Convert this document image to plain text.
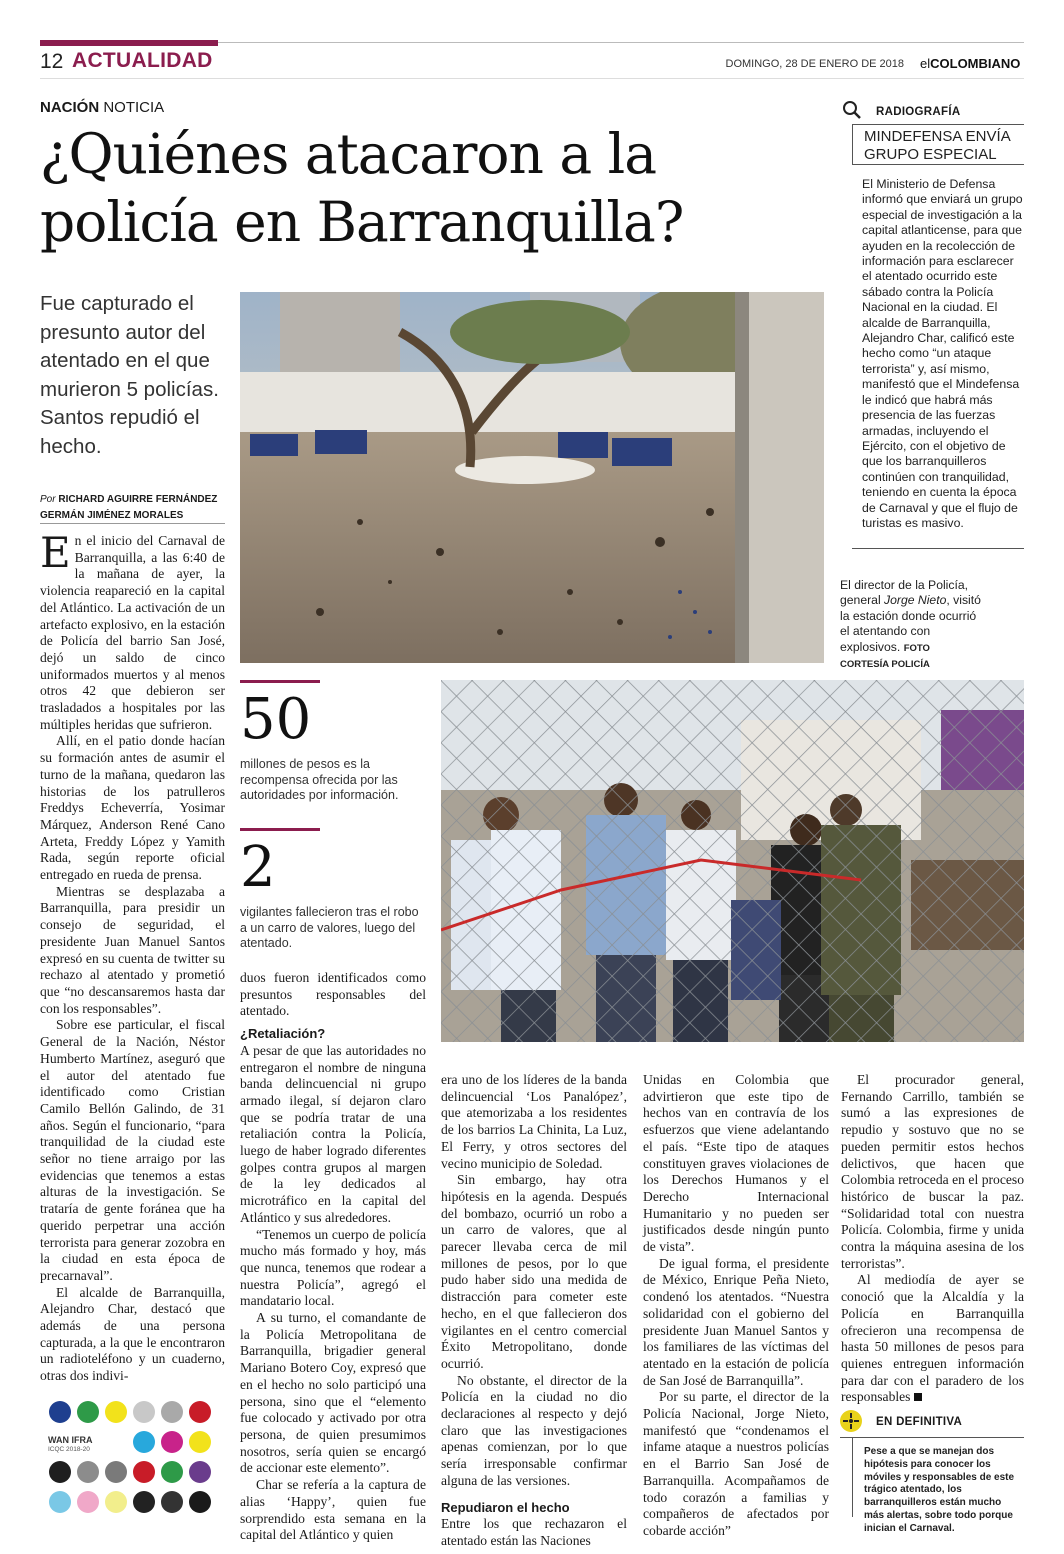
12 ACTUALIDAD	DOMINGO, 28 DE ENERO DE 2018 elCOLOMBIANO
NACIÓN NOTICIA
¿Quiénes atacaron a la policía en Barranquilla?
Fue capturado el presunto autor del atentado en el que murieron 5 policías. Santos repudió el hecho.
Por RICHARD AGUIRRE FERNÁNDEZ
GERMÁN JIMÉNEZ MORALES
RADIOGRAFÍA
MINDEFENSA ENVÍA GRUPO ESPECIAL
El Ministerio de Defensa informó que enviará un grupo especial de investigación a la capital atlanticense, para que ayuden en la recolección de información para esclarecer el atentado ocurrido este sábado contra la Policía Nacional en la ciudad. El alcalde de Barranquilla, Alejandro Char, calificó este hecho como “un ataque terrorista” y, así mismo, manifestó que el Mindefensa le indicó que habrá más presencia de las fuerzas armadas, incluyendo el Ejército, con el objetivo de que los barranquilleros continúen con tranquilidad, teniendo en cuenta la época de Carnaval y que el flujo de turistas es masivo.
El director de la Policía, general Jorge Nieto, visitó la estación donde ocurrió el atentando con explosivos. FOTO
CORTESÍA POLICÍA
50
millones de pesos es la recompensa ofrecida por las autoridades por información.
2
vigilantes fallecieron tras el robo a un carro de valores, luego del atentado.

En el inicio del Carnaval de Barranquilla, a las 6:40 de la mañana de ayer, la violencia reapareció en la capital del Atlántico. La activación de un artefacto explosivo, en la estación de Policía del barrio San José, dejó un saldo de cinco uniformados muertos y al menos otros 42 que debieron ser trasladados a hospitales por las múltiples heridas que sufrieron.

Allí, en el patio donde hacían su formación antes de asumir el turno de la mañana, quedaron las historias de los patrulleros Freddys Echeverría, Yosimar Márquez, Anderson René Cano Arteta, Freddy López y Yamith Rada, según reporte oficial entregado en rueda de prensa.

Mientras se desplazaba a Barranquilla, para presidir un consejo de seguridad, el presidente Juan Manuel Santos expresó en su cuenta de twitter su rechazo al atentado y prometió que “no descansaremos hasta dar con los responsables”.

Sobre ese particular, el fiscal General de la Nación, Néstor Humberto Martínez, aseguró que el autor del atentado fue identificado como Cristian Camilo Bellón Galindo, de 31 años. Según el funcionario, “para tranquilidad de la ciudad este señor no tiene arraigo por las evidencias que tenemos a estas alturas de la investigación. Se trataría de gente foránea que ha querido perpetrar una acción terrorista para generar zozobra en la ciudad en esta época de precarnaval”.

El alcalde de Barranquilla, Alejandro Char, destacó que además de una persona capturada, a la que le encontraron un radioteléfono y un cuaderno, otras dos indivi-

duos fueron identificados como presuntos responsables del atentado.

¿Retaliación?

A pesar de que las autoridades no entregaron el nombre de ninguna banda delincuencial ni grupo armado ilegal, sí dejaron claro que se podría tratar de una retaliación contra la Policía, luego de haber logrado diferentes golpes contra grupos al margen de la ley dedicados al microtráfico en la capital del Atlántico y sus alrededores.

“Tenemos un cuerpo de policía mucho más formado y hoy, más que nunca, tenemos que rodear a nuestra Policía”, agregó el mandatario local.

A su turno, el comandante de la Policía Metropolitana de Barranquilla, brigadier general Mariano Botero Coy, expresó que en el hecho no solo participó una persona, sino que el “elemento fue colocado y activado por otra persona, de quien presumimos nosotros, sería quien se encargó de accionar este elemento”.

Char se refería a la captura de alias ‘Happy’, quien fue sorprendido esta semana en la capital del Atlántico y quien

era uno de los líderes de la banda delincuencial ‘Los Panalópez’, que atemorizaba a los residentes de los barrios La Chinita, La Luz, El Ferry, y otros sectores del vecino municipio de Soledad.

Sin embargo, hay otra hipótesis en la agenda. Después del bombazo, ocurrió un robo a un carro de valores, que al parecer llevaba cerca de mil millones de pesos, por lo que pudo haber sido una medida de distracción para cometer este hecho, en el que fallecieron dos vigilantes en el centro comercial Éxito Metropolitano, donde ocurrió.

No obstante, el director de la Policía en la ciudad no dio declaraciones al respecto y dejó claro que las investigaciones apenas comienzan, por lo que sería irresponsable confirmar alguna de las versiones.

Repudiaron el hecho

Entre los que rechazaron el atentado están las Naciones

Unidas en Colombia que advirtieron que este tipo de hechos van en contravía de los esfuerzos que viene adelantando el país. “Este tipo de ataques constituyen graves violaciones de los Derechos Humanos y el Derecho Internacional Humanitario y no pueden ser justificados desde ningún punto de vista”.

De igual forma, el presidente de México, Enrique Peña Nieto, condenó los atentados. “Nuestra solidaridad con el gobierno del presidente Juan Manuel Santos y los familiares de las víctimas del atentado en la estación de policía de San José de Barranquilla”.

Por su parte, el director de la Policía Nacional, Jorge Nieto, manifestó que “condenamos el infame ataque a nuestros policías en el Barrio San José de Barranquilla. Acompañamos de todo corazón a familias y compañeros de afectados por cobarde acción”

El procurador general, Fernando Carrillo, también se sumó a las expresiones de repudio y sostuvo que no se pueden permitir estos hechos delictivos, que hacen que Colombia retroceda en el proceso histórico de buscar la paz. “Solidaridad total con nuestra Policía. Colombia, firme y unida contra la máquina asesina de los terroristas”.

Al mediodía de ayer se conoció que la Alcaldía y la Policía en Barranquilla ofrecieron una recompensa de hasta 50 millones de pesos para quienes entreguen información para dar con el paradero de los responsables

EN DEFINITIVA
Pese a que se manejan dos hipótesis para conocer los móviles y responsables de este trágico atentado, los barranquilleros están mucho más alertas, sobre todo porque inician el Carnaval.
WAN IFRA
ICQC 2018-20
